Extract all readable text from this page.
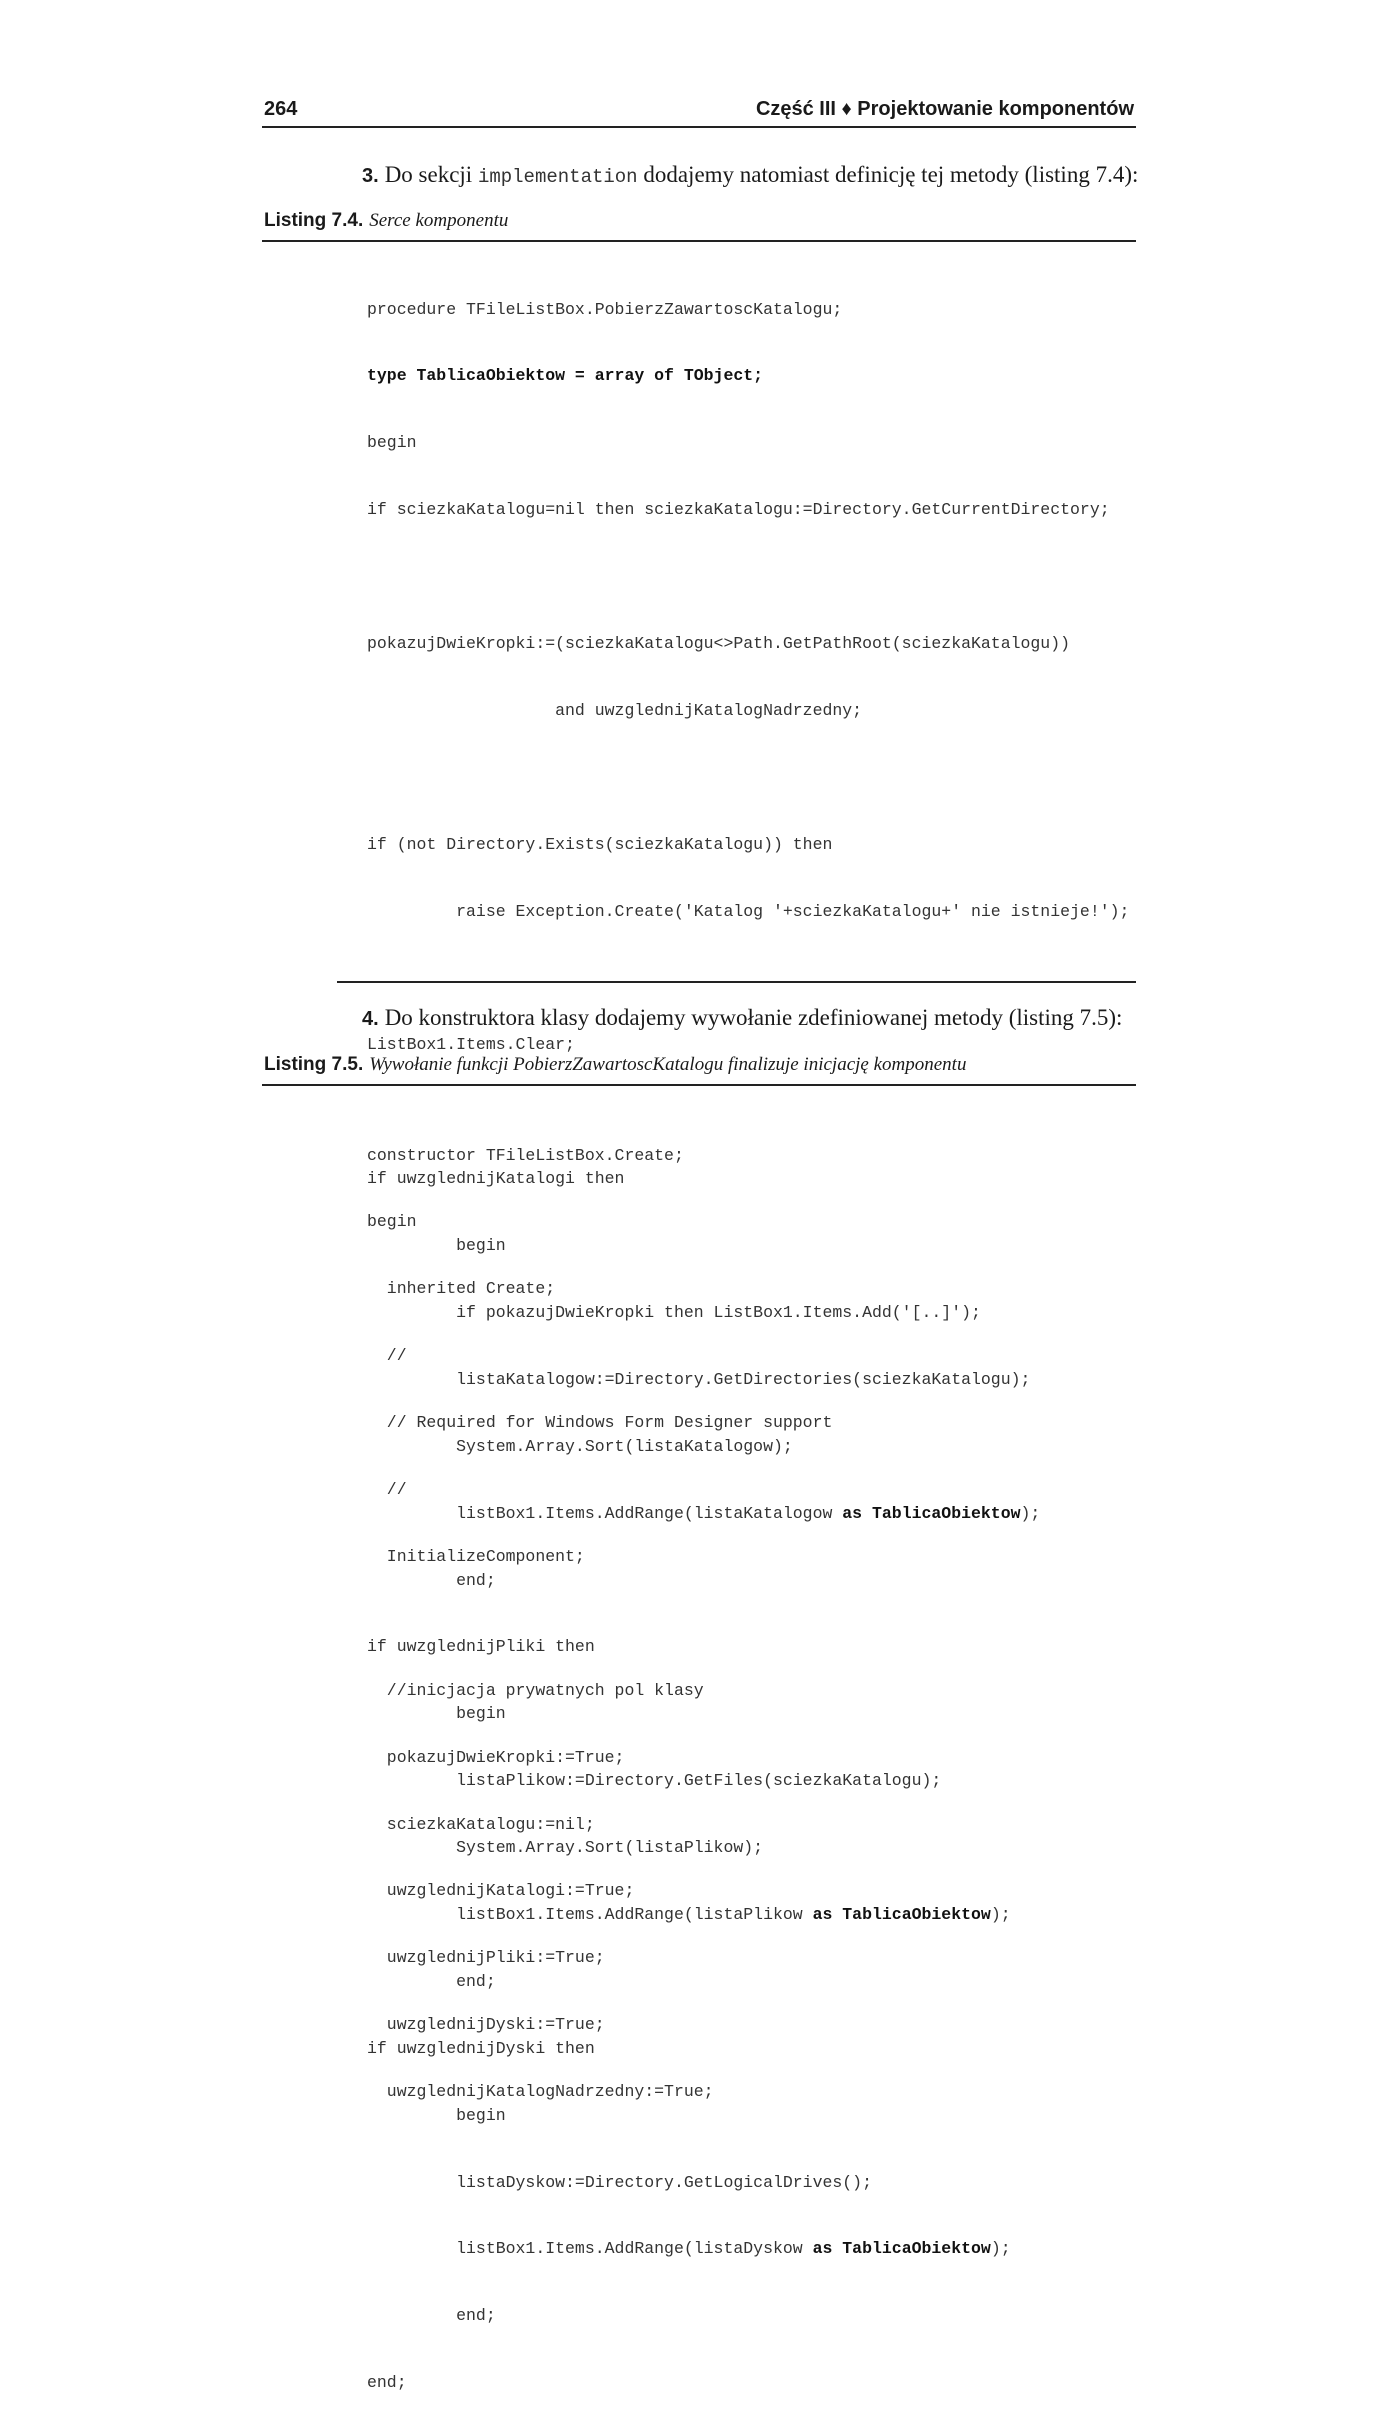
264	Część III ♦ Projektowanie komponentów
3. Do sekcji implementation dodajemy natomiast definicję tej metody (listing 7.4):
Listing 7.4. Serce komponentu

procedure TFileListBox.PobierzZawartoscKatalogu;

type TablicaObiektow = array of TObject;

begin

if sciezkaKatalogu=nil then sciezkaKatalogu:=Directory.GetCurrentDirectory;

pokazujDwieKropki:=(sciezkaKatalogu<>Path.GetPathRoot(sciezkaKatalogu))

and uwzglednijKatalogNadrzedny;

if (not Directory.Exists(sciezkaKatalogu)) then

raise Exception.Create('Katalog '+sciezkaKatalogu+' nie istnieje!');

ListBox1.Items.Clear;

if uwzglednijKatalogi then

begin

if pokazujDwieKropki then ListBox1.Items.Add('[..]');

listaKatalogow:=Directory.GetDirectories(sciezkaKatalogu);

System.Array.Sort(listaKatalogow);

listBox1.Items.AddRange(listaKatalogow as TablicaObiektow);

end;

if uwzglednijPliki then

begin

listaPlikow:=Directory.GetFiles(sciezkaKatalogu);

System.Array.Sort(listaPlikow);

listBox1.Items.AddRange(listaPlikow as TablicaObiektow);

end;

if uwzglednijDyski then

begin

listaDyskow:=Directory.GetLogicalDrives();

listBox1.Items.AddRange(listaDyskow as TablicaObiektow);

end;

end;

4. Do konstruktora klasy dodajemy wywołanie zdefiniowanej metody (listing 7.5):
Listing 7.5. Wywołanie funkcji PobierzZawartoscKatalogu finalizuje inicjację komponentu

constructor TFileListBox.Create;

begin

inherited Create;

//

// Required for Windows Form Designer support

//

InitializeComponent;

//inicjacja prywatnych pol klasy

pokazujDwieKropki:=True;

sciezkaKatalogu:=nil;

uwzglednijKatalogi:=True;

uwzglednijPliki:=True;

uwzglednijDyski:=True;

uwzglednijKatalogNadrzedny:=True;
